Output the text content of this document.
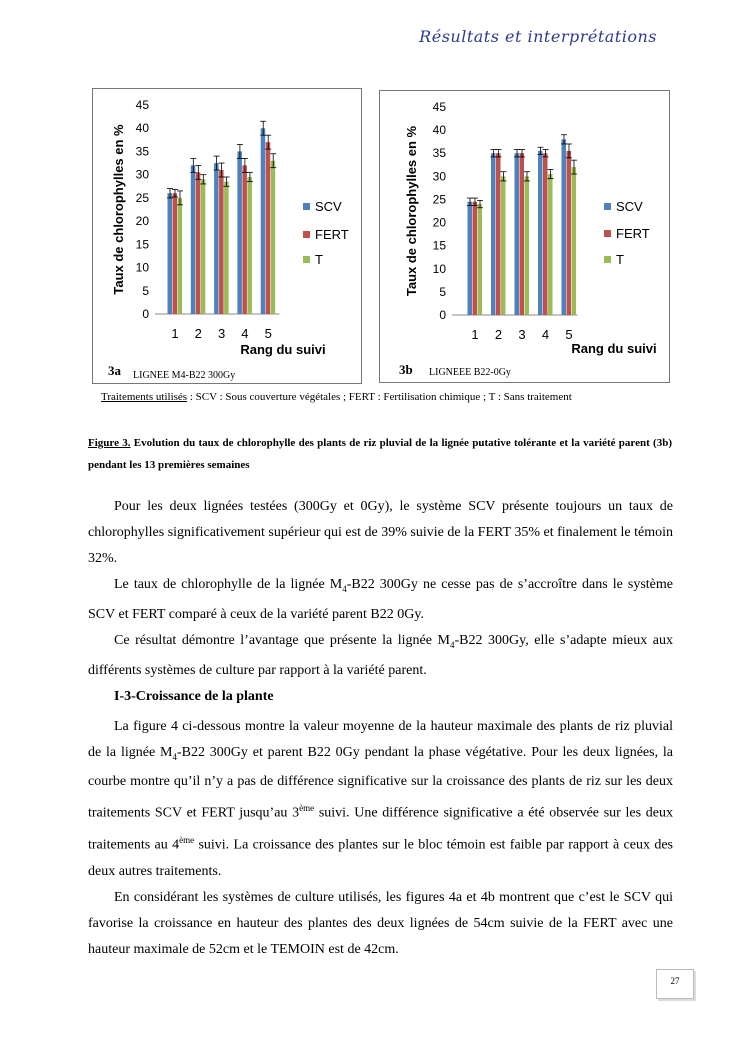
Résultats et interprétations
0
5
10
15
20
25
30
35
40
45
1 2 3 4 5
Taux de chlorophylles en %
Rang du suivi
SCV
FERT
T
3a LIGNEE M4-B22 300Gy
0
5
10
15
20
25
30
35
40
45
1 2 3 4 5
Taux de chlorophylles en %
Rang du suivi
SCV
FERT
T
3b LIGNEEE B22-0Gy
Traitements utilisés : SCV : Sous couverture végétales ; FERT : Fertilisation chimique ; T : Sans traitement
Figure 3. Evolution du taux de chlorophylle des plants de riz pluvial de la lignée putative tolérante et la variété parent (3b) pendant les 13 premières semaines

Pour les deux lignées testées (300Gy et 0Gy), le système SCV présente toujours un taux de chlorophylles significativement supérieur qui est de 39% suivie de la FERT 35% et finalement le témoin 32%.

Le taux de chlorophylle de la lignée $M_4-B22$ 300Gy ne cesse pas de s’accroître dans le système SCV et FERT comparé à ceux de la variété parent B22 0Gy.

Ce résultat démontre l’avantage que présente la lignée $M_4-B22$ 300Gy, elle s’adapte mieux aux différents systèmes de culture par rapport à la variété parent.

I-3-Croissance de la plante

La figure 4 ci-dessous montre la valeur moyenne de la hauteur maximale des plants de riz pluvial de la lignée $M_4-B22$ 300Gy et parent B22 0Gy pendant la phase végétative. Pour les deux lignées, la courbe montre qu’il n’y a pas de différence significative sur la croissance des plants de riz sur les deux traitements SCV et FERT jusqu’au 3ème suivi. Une différence significative a été observée sur les deux traitements au 4ème suivi. La croissance des plantes sur le bloc témoin est faible par rapport à ceux des deux autres traitements.

En considérant les systèmes de culture utilisés, les figures 4a et 4b montrent que c’est le SCV qui favorise la croissance en hauteur des plantes des deux lignées de 54cm suivie de la FERT avec une hauteur maximale de 52cm et le TEMOIN est de 42cm.

27
